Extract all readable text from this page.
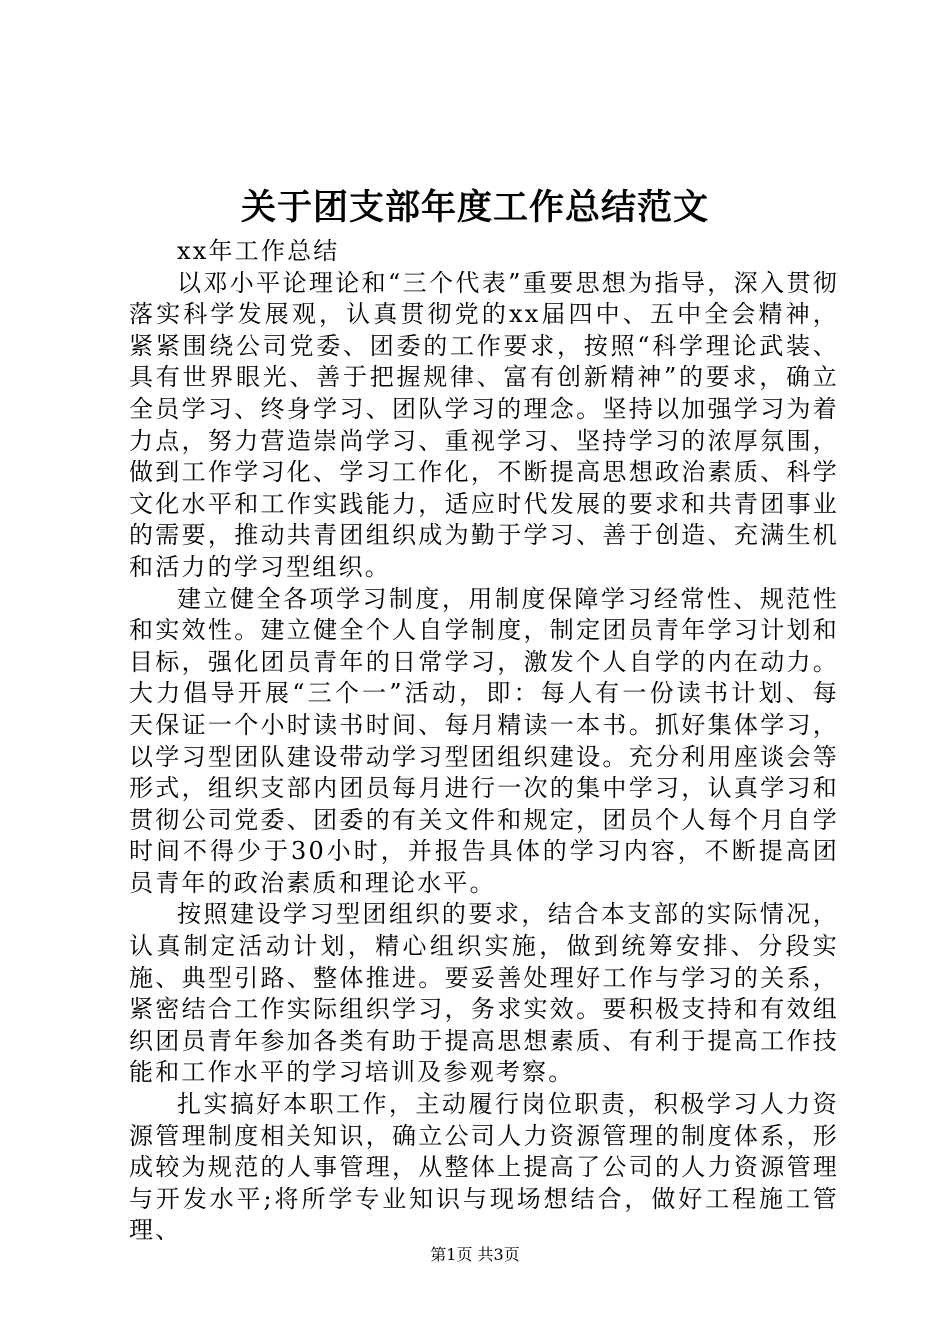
关于团支部年度工作总结范文

xx年工作总结

以邓小平论理论和“三个代表”重要思想为指导，深入贯彻落实科学发展观，认真贯彻党的xx届四中、五中全会精神，紧紧围绕公司党委、团委的工作要求，按照“科学理论武装、具有世界眼光、善于把握规律、富有创新精神”的要求，确立全员学习、终身学习、团队学习的理念。坚持以加强学习为着力点，努力营造崇尚学习、重视学习、坚持学习的浓厚氛围，做到工作学习化、学习工作化，不断提高思想政治素质、科学文化水平和工作实践能力，适应时代发展的要求和共青团事业的需要，推动共青团组织成为勤于学习、善于创造、充满生机和活力的学习型组织。

建立健全各项学习制度，用制度保障学习经常性、规范性和实效性。建立健全个人自学制度，制定团员青年学习计划和目标，强化团员青年的日常学习，激发个人自学的内在动力。大力倡导开展“三个一”活动，即：每人有一份读书计划、每天保证一个小时读书时间、每月精读一本书。抓好集体学习，以学习型团队建设带动学习型团组织建设。充分利用座谈会等形式，组织支部内团员每月进行一次的集中学习，认真学习和贯彻公司党委、团委的有关文件和规定，团员个人每个月自学时间不得少于30小时，并报告具体的学习内容，不断提高团员青年的政治素质和理论水平。

按照建设学习型团组织的要求，结合本支部的实际情况，认真制定活动计划，精心组织实施，做到统筹安排、分段实施、典型引路、整体推进。要妥善处理好工作与学习的关系，紧密结合工作实际组织学习，务求实效。要积极支持和有效组织团员青年参加各类有助于提高思想素质、有利于提高工作技能和工作水平的学习培训及参观考察。

扎实搞好本职工作，主动履行岗位职责，积极学习人力资源管理制度相关知识，确立公司人力资源管理的制度体系，形成较为规范的人事管理，从整体上提高了公司的人力资源管理与开发水平;将所学专业知识与现场想结合，做好工程施工管理、

第1页 共3页
